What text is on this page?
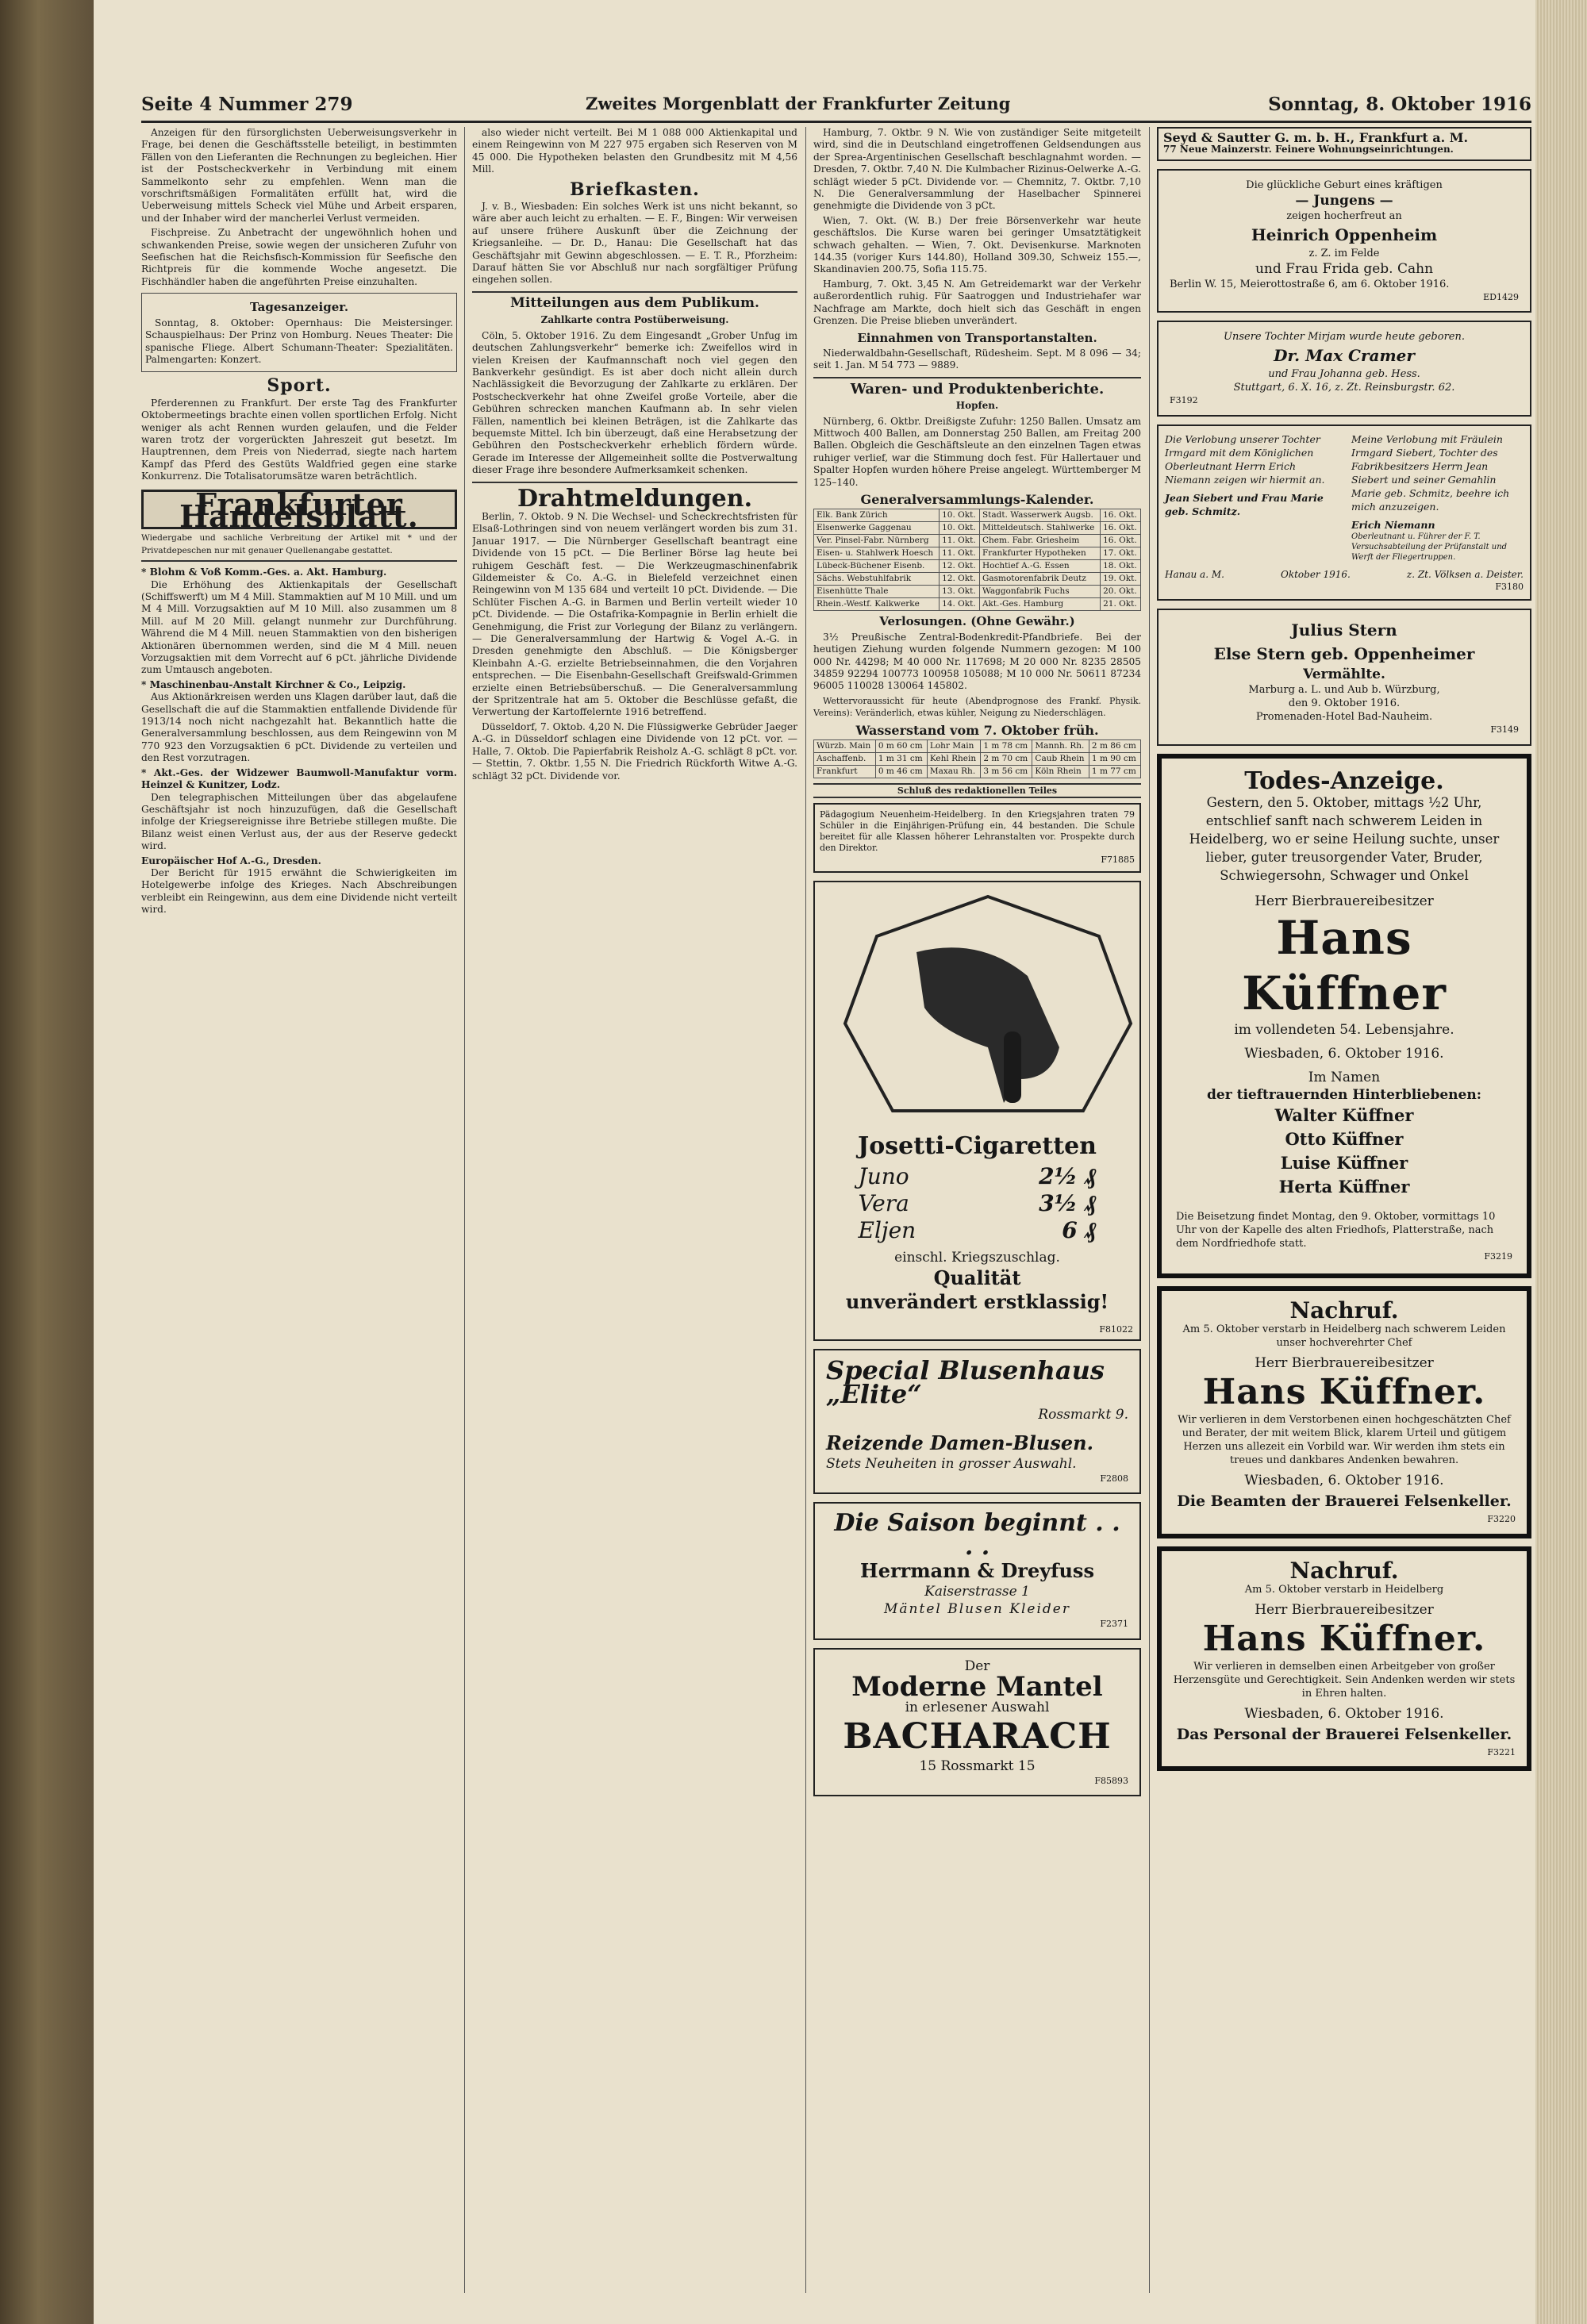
Seite 4 Nummer 279	Zweites Morgenblatt der Frankfurter Zeitung	Sonntag, 8. Oktober 1916

Anzeigen für den fürsorglichsten Ueberweisungsverkehr in Frage, bei denen die Geschäftsstelle beteiligt, in bestimmten Fällen von den Lieferanten die Rechnungen zu begleichen. Hier ist der Postscheckverkehr in Verbindung mit einem Sammelkonto sehr zu empfehlen. Wenn man die vorschriftsmäßigen Formalitäten erfüllt hat, wird die Ueberweisung mittels Scheck viel Mühe und Arbeit ersparen, und der Inhaber wird der mancherlei Verlust vermeiden.

Fischpreise. Zu Anbetracht der ungewöhnlich hohen und schwankenden Preise, sowie wegen der unsicheren Zufuhr von Seefischen hat die Reichsfisch-Kommission für Seefische den Richtpreis für die kommende Woche angesetzt. Die Fischhändler haben die angeführten Preise einzuhalten.

Tagesanzeiger.

Sonntag, 8. Oktober: Opernhaus: Die Meistersinger. Schauspielhaus: Der Prinz von Homburg. Neues Theater: Die spanische Fliege. Albert Schumann-Theater: Spezialitäten. Palmengarten: Konzert.

Sport.

Pferderennen zu Frankfurt. Der erste Tag des Frankfurter Oktobermeetings brachte einen vollen sportlichen Erfolg. Nicht weniger als acht Rennen wurden gelaufen, und die Felder waren trotz der vorgerückten Jahreszeit gut besetzt. Im Hauptrennen, dem Preis von Niederrad, siegte nach hartem Kampf das Pferd des Gestüts Waldfried gegen eine starke Konkurrenz. Die Totalisatorumsätze waren beträchtlich.

Frankfurter Handelsblatt.
Wiedergabe und sachliche Verbreitung der Artikel mit * und der Privatdepeschen nur mit genauer Quellenangabe gestattet.
* Blohm & Voß Komm.-Ges. a. Akt. Hamburg.

Die Erhöhung des Aktienkapitals der Gesellschaft (Schiffswerft) um M 4 Mill. Stammaktien auf M 10 Mill. und um M 4 Mill. Vorzugsaktien auf M 10 Mill. also zusammen um 8 Mill. auf M 20 Mill. gelangt nunmehr zur Durchführung. Während die M 4 Mill. neuen Stammaktien von den bisherigen Aktionären übernommen werden, sind die M 4 Mill. neuen Vorzugsaktien mit dem Vorrecht auf 6 pCt. jährliche Dividende zum Umtausch angeboten.

* Maschinenbau-Anstalt Kirchner & Co., Leipzig.

Aus Aktionärkreisen werden uns Klagen darüber laut, daß die Gesellschaft die auf die Stammaktien entfallende Dividende für 1913/14 noch nicht nachgezahlt hat. Bekanntlich hatte die Generalversammlung beschlossen, aus dem Reingewinn von M 770 923 den Vorzugsaktien 6 pCt. Dividende zu verteilen und den Rest vorzutragen.

* Akt.-Ges. der Widzewer Baumwoll-Manufaktur vorm. Heinzel & Kunitzer, Lodz.

Den telegraphischen Mitteilungen über das abgelaufene Geschäftsjahr ist noch hinzuzufügen, daß die Gesellschaft infolge der Kriegsereignisse ihre Betriebe stillegen mußte. Die Bilanz weist einen Verlust aus, der aus der Reserve gedeckt wird.

Europäischer Hof A.-G., Dresden.

Der Bericht für 1915 erwähnt die Schwierigkeiten im Hotelgewerbe infolge des Krieges. Nach Abschreibungen verbleibt ein Reingewinn, aus dem eine Dividende nicht verteilt wird.

also wieder nicht verteilt. Bei M 1 088 000 Aktienkapital und einem Reingewinn von M 227 975 ergaben sich Reserven von M 45 000. Die Hypotheken belasten den Grundbesitz mit M 4,56 Mill.

Briefkasten.

J. v. B., Wiesbaden: Ein solches Werk ist uns nicht bekannt, so wäre aber auch leicht zu erhalten. — E. F., Bingen: Wir verweisen auf unsere frühere Auskunft über die Zeichnung der Kriegsanleihe. — Dr. D., Hanau: Die Gesellschaft hat das Geschäftsjahr mit Gewinn abgeschlossen. — E. T. R., Pforzheim: Darauf hätten Sie vor Abschluß nur nach sorgfältiger Prüfung eingehen sollen.

Mitteilungen aus dem Publikum.
Zahlkarte contra Postüberweisung.

Cöln, 5. Oktober 1916. Zu dem Eingesandt „Grober Unfug im deutschen Zahlungsverkehr“ bemerke ich: Zweifellos wird in vielen Kreisen der Kaufmannschaft noch viel gegen den Bankverkehr gesündigt. Es ist aber doch nicht allein durch Nachlässigkeit die Bevorzugung der Zahlkarte zu erklären. Der Postscheckverkehr hat ohne Zweifel große Vorteile, aber die Gebühren schrecken manchen Kaufmann ab. In sehr vielen Fällen, namentlich bei kleinen Beträgen, ist die Zahlkarte das bequemste Mittel. Ich bin überzeugt, daß eine Herabsetzung der Gebühren den Postscheckverkehr erheblich fördern würde. Gerade im Interesse der Allgemeinheit sollte die Postverwaltung dieser Frage ihre besondere Aufmerksamkeit schenken.

Drahtmeldungen.

Berlin, 7. Oktob. 9 N. Die Wechsel- und Scheckrechtsfristen für Elsaß-Lothringen sind von neuem verlängert worden bis zum 31. Januar 1917. — Die Nürnberger Gesellschaft beantragt eine Dividende von 15 pCt. — Die Berliner Börse lag heute bei ruhigem Geschäft fest. — Die Werkzeugmaschinenfabrik Gildemeister & Co. A.-G. in Bielefeld verzeichnet einen Reingewinn von M 135 684 und verteilt 10 pCt. Dividende. — Die Schlüter Fischen A.-G. in Barmen und Berlin verteilt wieder 10 pCt. Dividende. — Die Ostafrika-Kompagnie in Berlin erhielt die Genehmigung, die Frist zur Vorlegung der Bilanz zu verlängern. — Die Generalversammlung der Hartwig & Vogel A.-G. in Dresden genehmigte den Abschluß. — Die Königsberger Kleinbahn A.-G. erzielte Betriebseinnahmen, die den Vorjahren entsprechen. — Die Eisenbahn-Gesellschaft Greifswald-Grimmen erzielte einen Betriebsüberschuß. — Die Generalversammlung der Spritzentrale hat am 5. Oktober die Beschlüsse gefaßt, die Verwertung der Kartoffelernte 1916 betreffend.

Düsseldorf, 7. Oktob. 4,20 N. Die Flüssigwerke Gebrüder Jaeger A.-G. in Düsseldorf schlagen eine Dividende von 12 pCt. vor. — Halle, 7. Oktob. Die Papierfabrik Reisholz A.-G. schlägt 8 pCt. vor. — Stettin, 7. Oktbr. 1,55 N. Die Friedrich Rückforth Witwe A.-G. schlägt 32 pCt. Dividende vor.

Hamburg, 7. Oktbr. 9 N. Wie von zuständiger Seite mitgeteilt wird, sind die in Deutschland eingetroffenen Geldsendungen aus der Sprea-Argentinischen Gesellschaft beschlagnahmt worden. — Dresden, 7. Oktbr. 7,40 N. Die Kulmbacher Rizinus-Oelwerke A.-G. schlägt wieder 5 pCt. Dividende vor. — Chemnitz, 7. Oktbr. 7,10 N. Die Generalversammlung der Haselbacher Spinnerei genehmigte die Dividende von 3 pCt.

Wien, 7. Okt. (W. B.) Der freie Börsenverkehr war heute geschäftslos. Die Kurse waren bei geringer Umsatztätigkeit schwach gehalten. — Wien, 7. Okt. Devisenkurse. Marknoten 144.35 (voriger Kurs 144.80), Holland 309.30, Schweiz 155.—, Skandinavien 200.75, Sofia 115.75.

Hamburg, 7. Okt. 3,45 N. Am Getreidemarkt war der Verkehr außerordentlich ruhig. Für Saatroggen und Industriehafer war Nachfrage am Markte, doch hielt sich das Geschäft in engen Grenzen. Die Preise blieben unverändert.

Einnahmen von Transportanstalten.

Niederwaldbahn-Gesellschaft, Rüdesheim. Sept. M 8 096 — 34; seit 1. Jan. M 54 773 — 9889.

Waren- und Produktenberichte.
Hopfen.

Nürnberg, 6. Oktbr. Dreißigste Zufuhr: 1250 Ballen. Umsatz am Mittwoch 400 Ballen, am Donnerstag 250 Ballen, am Freitag 200 Ballen. Obgleich die Geschäftsleute an den einzelnen Tagen etwas ruhiger verlief, war die Stimmung doch fest. Für Hallertauer und Spalter Hopfen wurden höhere Preise angelegt. Württemberger M 125–140.

Generalversammlungs-Kalender.
Elk. Bank Zürich	10. Okt.	Stadt. Wasserwerk Augsb.	16. Okt.
Elsenwerke Gaggenau	10. Okt.	Mitteldeutsch. Stahlwerke	16. Okt.
Ver. Pinsel-Fabr. Nürnberg	11. Okt.	Chem. Fabr. Griesheim	16. Okt.
Eisen- u. Stahlwerk Hoesch	11. Okt.	Frankfurter Hypotheken	17. Okt.
Lübeck-Büchener Eisenb.	12. Okt.	Hochtief A.-G. Essen	18. Okt.
Sächs. Webstuhlfabrik	12. Okt.	Gasmotorenfabrik Deutz	19. Okt.
Eisenhütte Thale	13. Okt.	Waggonfabrik Fuchs	20. Okt.
Rhein.-Westf. Kalkwerke	14. Okt.	Akt.-Ges. Hamburg	21. Okt.
Verlosungen. (Ohne Gewähr.)

3½ Preußische Zentral-Bodenkredit-Pfandbriefe. Bei der heutigen Ziehung wurden folgende Nummern gezogen: M 100 000 Nr. 44298; M 40 000 Nr. 117698; M 20 000 Nr. 8235 28505 34859 92294 100773 100958 105088; M 10 000 Nr. 50611 87234 96005 110028 130064 145802.

Wettervoraussicht für heute (Abendprognose des Frankf. Physik. Vereins): Veränderlich, etwas kühler, Neigung zu Niederschlägen.

Wasserstand vom 7. Oktober früh.
Würzb. Main	0 m 60 cm	Lohr Main	1 m 78 cm	Mannh. Rh.	2 m 86 cm
Aschaffenb.	1 m 31 cm	Kehl Rhein	2 m 70 cm	Caub Rhein	1 m 90 cm
Frankfurt	0 m 46 cm	Maxau Rh.	3 m 56 cm	Köln Rhein	1 m 77 cm
Schluß des redaktionellen Teiles
Pädagogium Neuenheim-Heidelberg. In den Kriegsjahren traten 79 Schüler in die Einjährigen-Prüfung ein, 44 bestanden. Die Schule bereitet für alle Klassen höherer Lehranstalten vor. Prospekte durch den Direktor.
F71885
Josetti-Cigaretten
Juno	2½ ₰
Vera	3½ ₰
Eljen	6 ₰
einschl. Kriegszuschlag.
Qualität
unverändert erstklassig!
F81022
Special Blusenhaus „Elite“
Rossmarkt 9.
Reizende Damen-Blusen.
Stets Neuheiten in grosser Auswahl.
F2808
Die Saison beginnt . . . .
Herrmann & Dreyfuss
Kaiserstrasse 1
Mäntel Blusen Kleider
F2371
Der
Moderne Mantel
in erlesener Auswahl
BACHARACH
15 Rossmarkt 15
F85893
Seyd & Sautter G. m. b. H., Frankfurt a. M.
77 Neue Mainzerstr. Feinere Wohnungseinrichtungen.
Die glückliche Geburt eines kräftigen
— Jungens —
zeigen hocherfreut an
Heinrich Oppenheim
z. Z. im Felde
und Frau Frida geb. Cahn
Berlin W. 15, Meierottostraße 6, am 6. Oktober 1916.
ED1429
Unsere Tochter Mirjam wurde heute geboren.
Dr. Max Cramer
und Frau Johanna geb. Hess.
Stuttgart, 6. X. 16, z. Zt. Reinsburgstr. 62.
F3192
Die Verlobung unserer Tochter Irmgard mit dem Königlichen Oberleutnant Herrn Erich Niemann zeigen wir hiermit an.
Jean Siebert und Frau Marie geb. Schmitz.
Meine Verlobung mit Fräulein Irmgard Siebert, Tochter des Fabrikbesitzers Herrn Jean Siebert und seiner Gemahlin Marie geb. Schmitz, beehre ich mich anzuzeigen.
Erich Niemann
Oberleutnant u. Führer der F. T. Versuchsabteilung der Prüfanstalt und Werft der Fliegertruppen.
Hanau a. M.	Oktober 1916.	z. Zt. Völksen a. Deister.
F3180
Julius Stern
Else Stern geb. Oppenheimer
Vermählte.
Marburg a. L. und Aub b. Würzburg,
den 9. Oktober 1916.
Promenaden-Hotel Bad-Nauheim.
F3149
Todes-Anzeige.
Gestern, den 5. Oktober, mittags ½2 Uhr, entschlief sanft nach schwerem Leiden in Heidelberg, wo er seine Heilung suchte, unser lieber, guter treusorgender Vater, Bruder, Schwiegersohn, Schwager und Onkel
Herr Bierbrauereibesitzer
Hans Küffner
im vollendeten 54. Lebensjahre.
Wiesbaden, 6. Oktober 1916.
Im Namen
der tieftrauernden Hinterbliebenen:
Walter Küffner
Otto Küffner
Luise Küffner
Herta Küffner
Die Beisetzung findet Montag, den 9. Oktober, vormittags 10 Uhr von der Kapelle des alten Friedhofs, Platterstraße, nach dem Nordfriedhofe statt.
F3219
Nachruf.
Am 5. Oktober verstarb in Heidelberg nach schwerem Leiden unser hochverehrter Chef
Herr Bierbrauereibesitzer
Hans Küffner.
Wir verlieren in dem Verstorbenen einen hochgeschätzten Chef und Berater, der mit weitem Blick, klarem Urteil und gütigem Herzen uns allezeit ein Vorbild war. Wir werden ihm stets ein treues und dankbares Andenken bewahren.
Wiesbaden, 6. Oktober 1916.
Die Beamten der Brauerei Felsenkeller.
F3220
Nachruf.
Am 5. Oktober verstarb in Heidelberg
Herr Bierbrauereibesitzer
Hans Küffner.
Wir verlieren in demselben einen Arbeitgeber von großer Herzensgüte und Gerechtigkeit. Sein Andenken werden wir stets in Ehren halten.
Wiesbaden, 6. Oktober 1916.
Das Personal der Brauerei Felsenkeller.
F3221
